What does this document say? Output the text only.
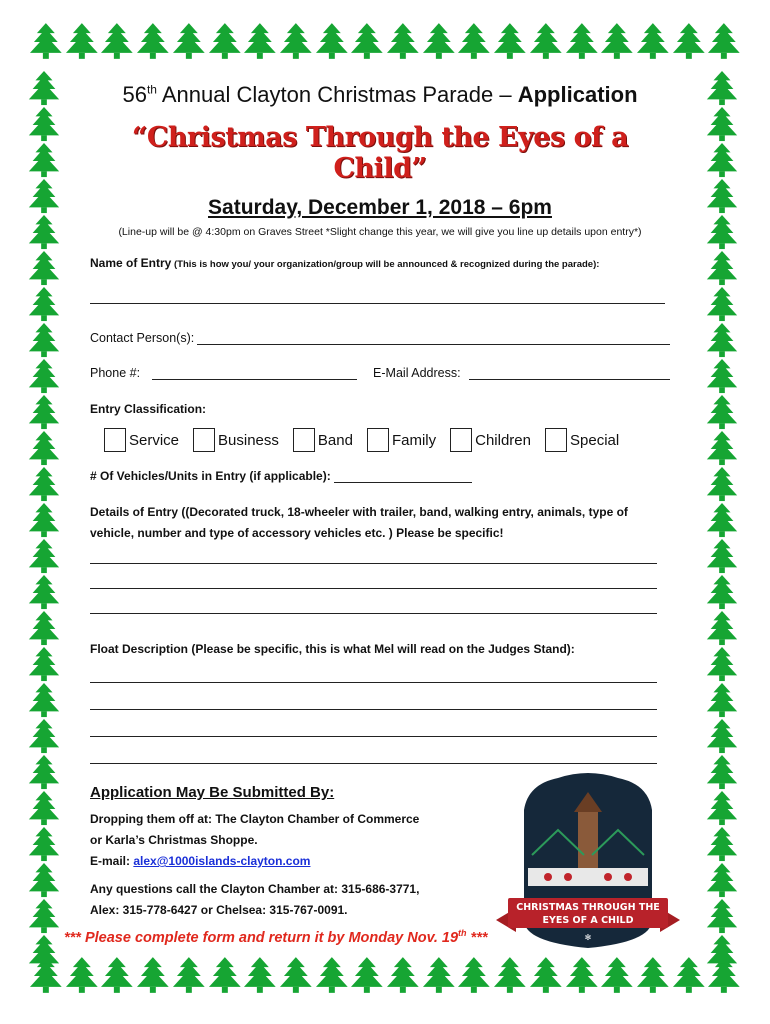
56th Annual Clayton Christmas Parade – Application
“Christmas Through the Eyes of a Child”
Saturday, December 1, 2018 – 6pm
(Line-up will be @ 4:30pm on Graves Street *Slight change this year, we will give you line up details upon entry*)
Name of Entry (This is how you/ your organization/group will be announced & recognized during the parade):
Contact Person(s):
Phone #:	E-Mail Address:
Entry Classification:
Service	Business	Band	Family	Children	Special
# Of Vehicles/Units in Entry (if applicable):
Details of Entry ((Decorated truck, 18-wheeler with trailer, band, walking entry, animals, type of
vehicle, number and type of accessory vehicles etc. ) Please be specific!
Float Description (Please be specific, this is what Mel will read on the Judges Stand):
Application May Be Submitted By:
Dropping them off at: The Clayton Chamber of Commerce
or Karla’s Christmas Shoppe.
E-mail: alex@1000islands-clayton.com
Any questions call the Clayton Chamber at: 315-686-3771,
Alex: 315-778-6427 or Chelsea: 315-767-0091.
*** Please complete form and return it by Monday Nov. 19th ***
CHRISTMAS THROUGH THE
EYES OF A CHILD
✻
